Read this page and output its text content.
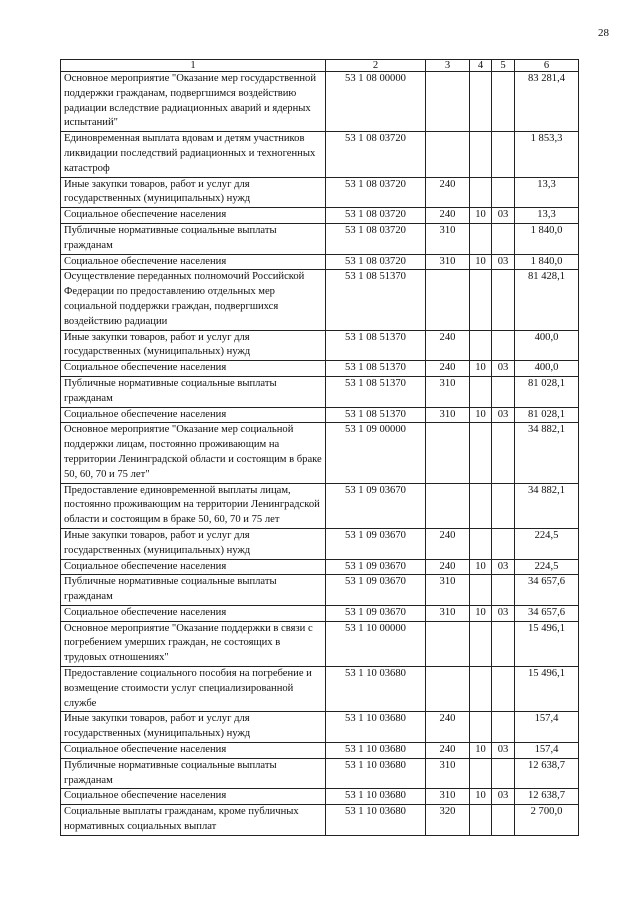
28
1	2	3	4	5	6
Основное мероприятие "Оказание мер государственной поддержки гражданам, подвергшимся воздействию радиации вследствие радиационных аварий и ядерных испытаний"	53 1 08 00000				83 281,4
Единовременная выплата вдовам и детям участников ликвидации последствий радиационных и техногенных катастроф	53 1 08 03720				1 853,3
Иные закупки товаров, работ и услуг для государственных (муниципальных) нужд	53 1 08 03720	240			13,3
Социальное обеспечение населения	53 1 08 03720	240	10	03	13,3
Публичные нормативные социальные выплаты гражданам	53 1 08 03720	310			1 840,0
Социальное обеспечение населения	53 1 08 03720	310	10	03	1 840,0
Осуществление переданных полномочий Российской Федерации по предоставлению отдельных мер социальной поддержки граждан, подвергшихся воздействию радиации	53 1 08 51370				81 428,1
Иные закупки товаров, работ и услуг для государственных (муниципальных) нужд	53 1 08 51370	240			400,0
Социальное обеспечение населения	53 1 08 51370	240	10	03	400,0
Публичные нормативные социальные выплаты гражданам	53 1 08 51370	310			81 028,1
Социальное обеспечение населения	53 1 08 51370	310	10	03	81 028,1
Основное мероприятие "Оказание мер социальной поддержки лицам, постоянно проживающим на территории Ленинградской области и состоящим в браке 50, 60, 70 и 75 лет"	53 1 09 00000				34 882,1
Предоставление единовременной выплаты лицам, постоянно проживающим на территории Ленинградской области и состоящим в браке 50, 60, 70 и 75 лет	53 1 09 03670				34 882,1
Иные закупки товаров, работ и услуг для государственных (муниципальных) нужд	53 1 09 03670	240			224,5
Социальное обеспечение населения	53 1 09 03670	240	10	03	224,5
Публичные нормативные социальные выплаты гражданам	53 1 09 03670	310			34 657,6
Социальное обеспечение населения	53 1 09 03670	310	10	03	34 657,6
Основное мероприятие "Оказание поддержки в связи с погребением умерших граждан, не состоящих в трудовых отношениях"	53 1 10 00000				15 496,1
Предоставление социального пособия на погребение и возмещение стоимости услуг специализированной службе	53 1 10 03680				15 496,1
Иные закупки товаров, работ и услуг для государственных (муниципальных) нужд	53 1 10 03680	240			157,4
Социальное обеспечение населения	53 1 10 03680	240	10	03	157,4
Публичные нормативные социальные выплаты гражданам	53 1 10 03680	310			12 638,7
Социальное обеспечение населения	53 1 10 03680	310	10	03	12 638,7
Социальные выплаты гражданам, кроме публичных нормативных социальных выплат	53 1 10 03680	320			2 700,0
